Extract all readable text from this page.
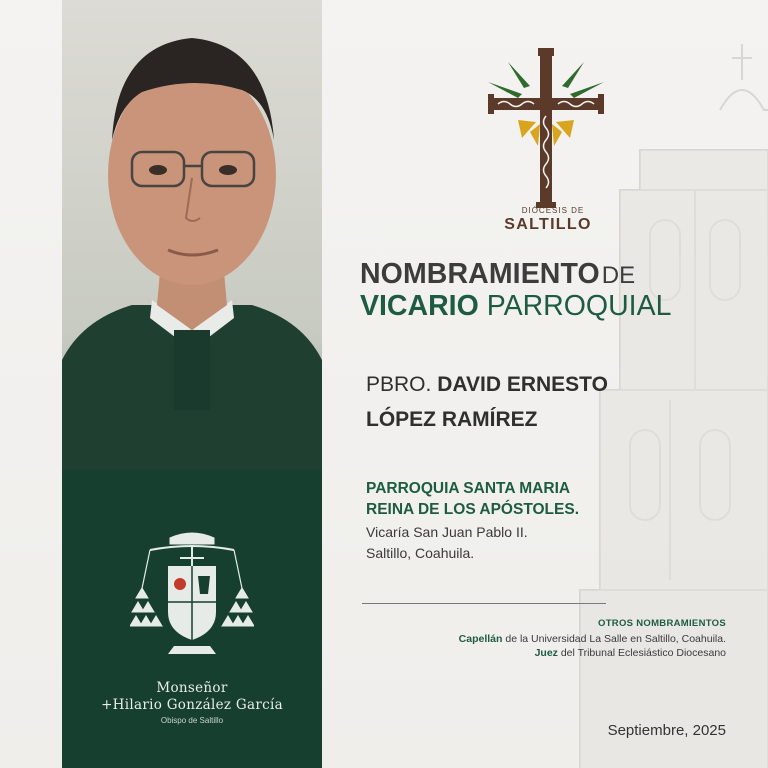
Monseñor
+Hilario González García
Obispo de Saltillo
DIÓCESIS DE
SALTILLO
NOMBRAMIENTODE
VICARIO PARROQUIAL
PBRO. DAVID ERNESTO
LÓPEZ RAMÍREZ
PARROQUIA SANTA MARIA
REINA DE LOS APÓSTOLES.
Vicaría San Juan Pablo II.
Saltillo, Coahuila.
OTROS NOMBRAMIENTOS
Capellán de la Universidad La Salle en Saltillo, Coahuila.
Juez del Tribunal Eclesiástico Diocesano
Septiembre, 2025
